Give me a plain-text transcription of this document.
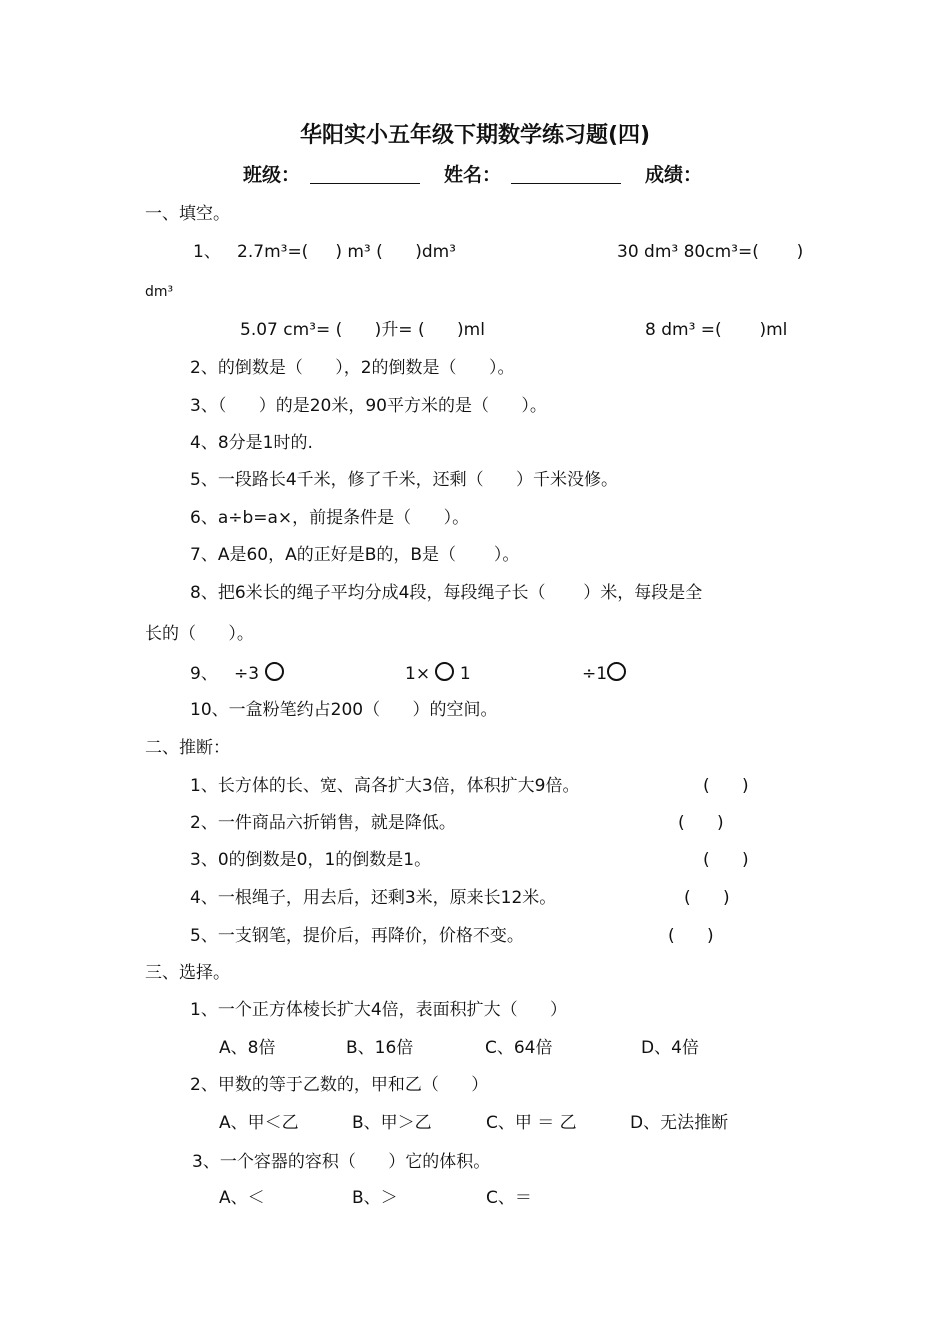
华阳实小五年级下期数学练习题(四)
班级：	姓名：	成绩：
一、填空。
1、   2.7m³=(     ) m³ (      )dm³	30 dm³ 80cm³=(       )
dm³
5.07 cm³= (      )升= (      )ml	8 dm³ =(       )ml
2、的倒数是（      ），2的倒数是（      ）。
3、（      ）的是20米，90平方米的是（      ）。
4、8分是1时的.
5、一段路长4千米，修了千米，还剩（      ）千米没修。
6、a÷b=a×，前提条件是（      ）。
7、A是60，A的正好是B的，B是（       ）。
8、把6米长的绳子平均分成4段，每段绳子长（       ）米，每段是全
长的（      ）。
9、   ÷3	1× 1	÷1
10、一盒粉笔约占200（      ）的空间。
二、推断：
1、长方体的长、宽、高各扩大3倍，体积扩大9倍。	(      )
2、一件商品六折销售，就是降低。	(      )
3、0的倒数是0，1的倒数是1。	(      )
4、一根绳子，用去后，还剩3米，原来长12米。	(      )
5、一支钢笔，提价后，再降价，价格不变。	(      )
三、选择。
1、一个正方体棱长扩大4倍，表面积扩大（      ）
A、8倍	B、16倍	C、64倍	D、4倍
2、甲数的等于乙数的，甲和乙（      ）
A、甲＜乙	B、甲＞乙	C、甲 ＝ 乙	D、无法推断
3、一个容器的容积（      ）它的体积。
A、＜	B、＞	C、＝
